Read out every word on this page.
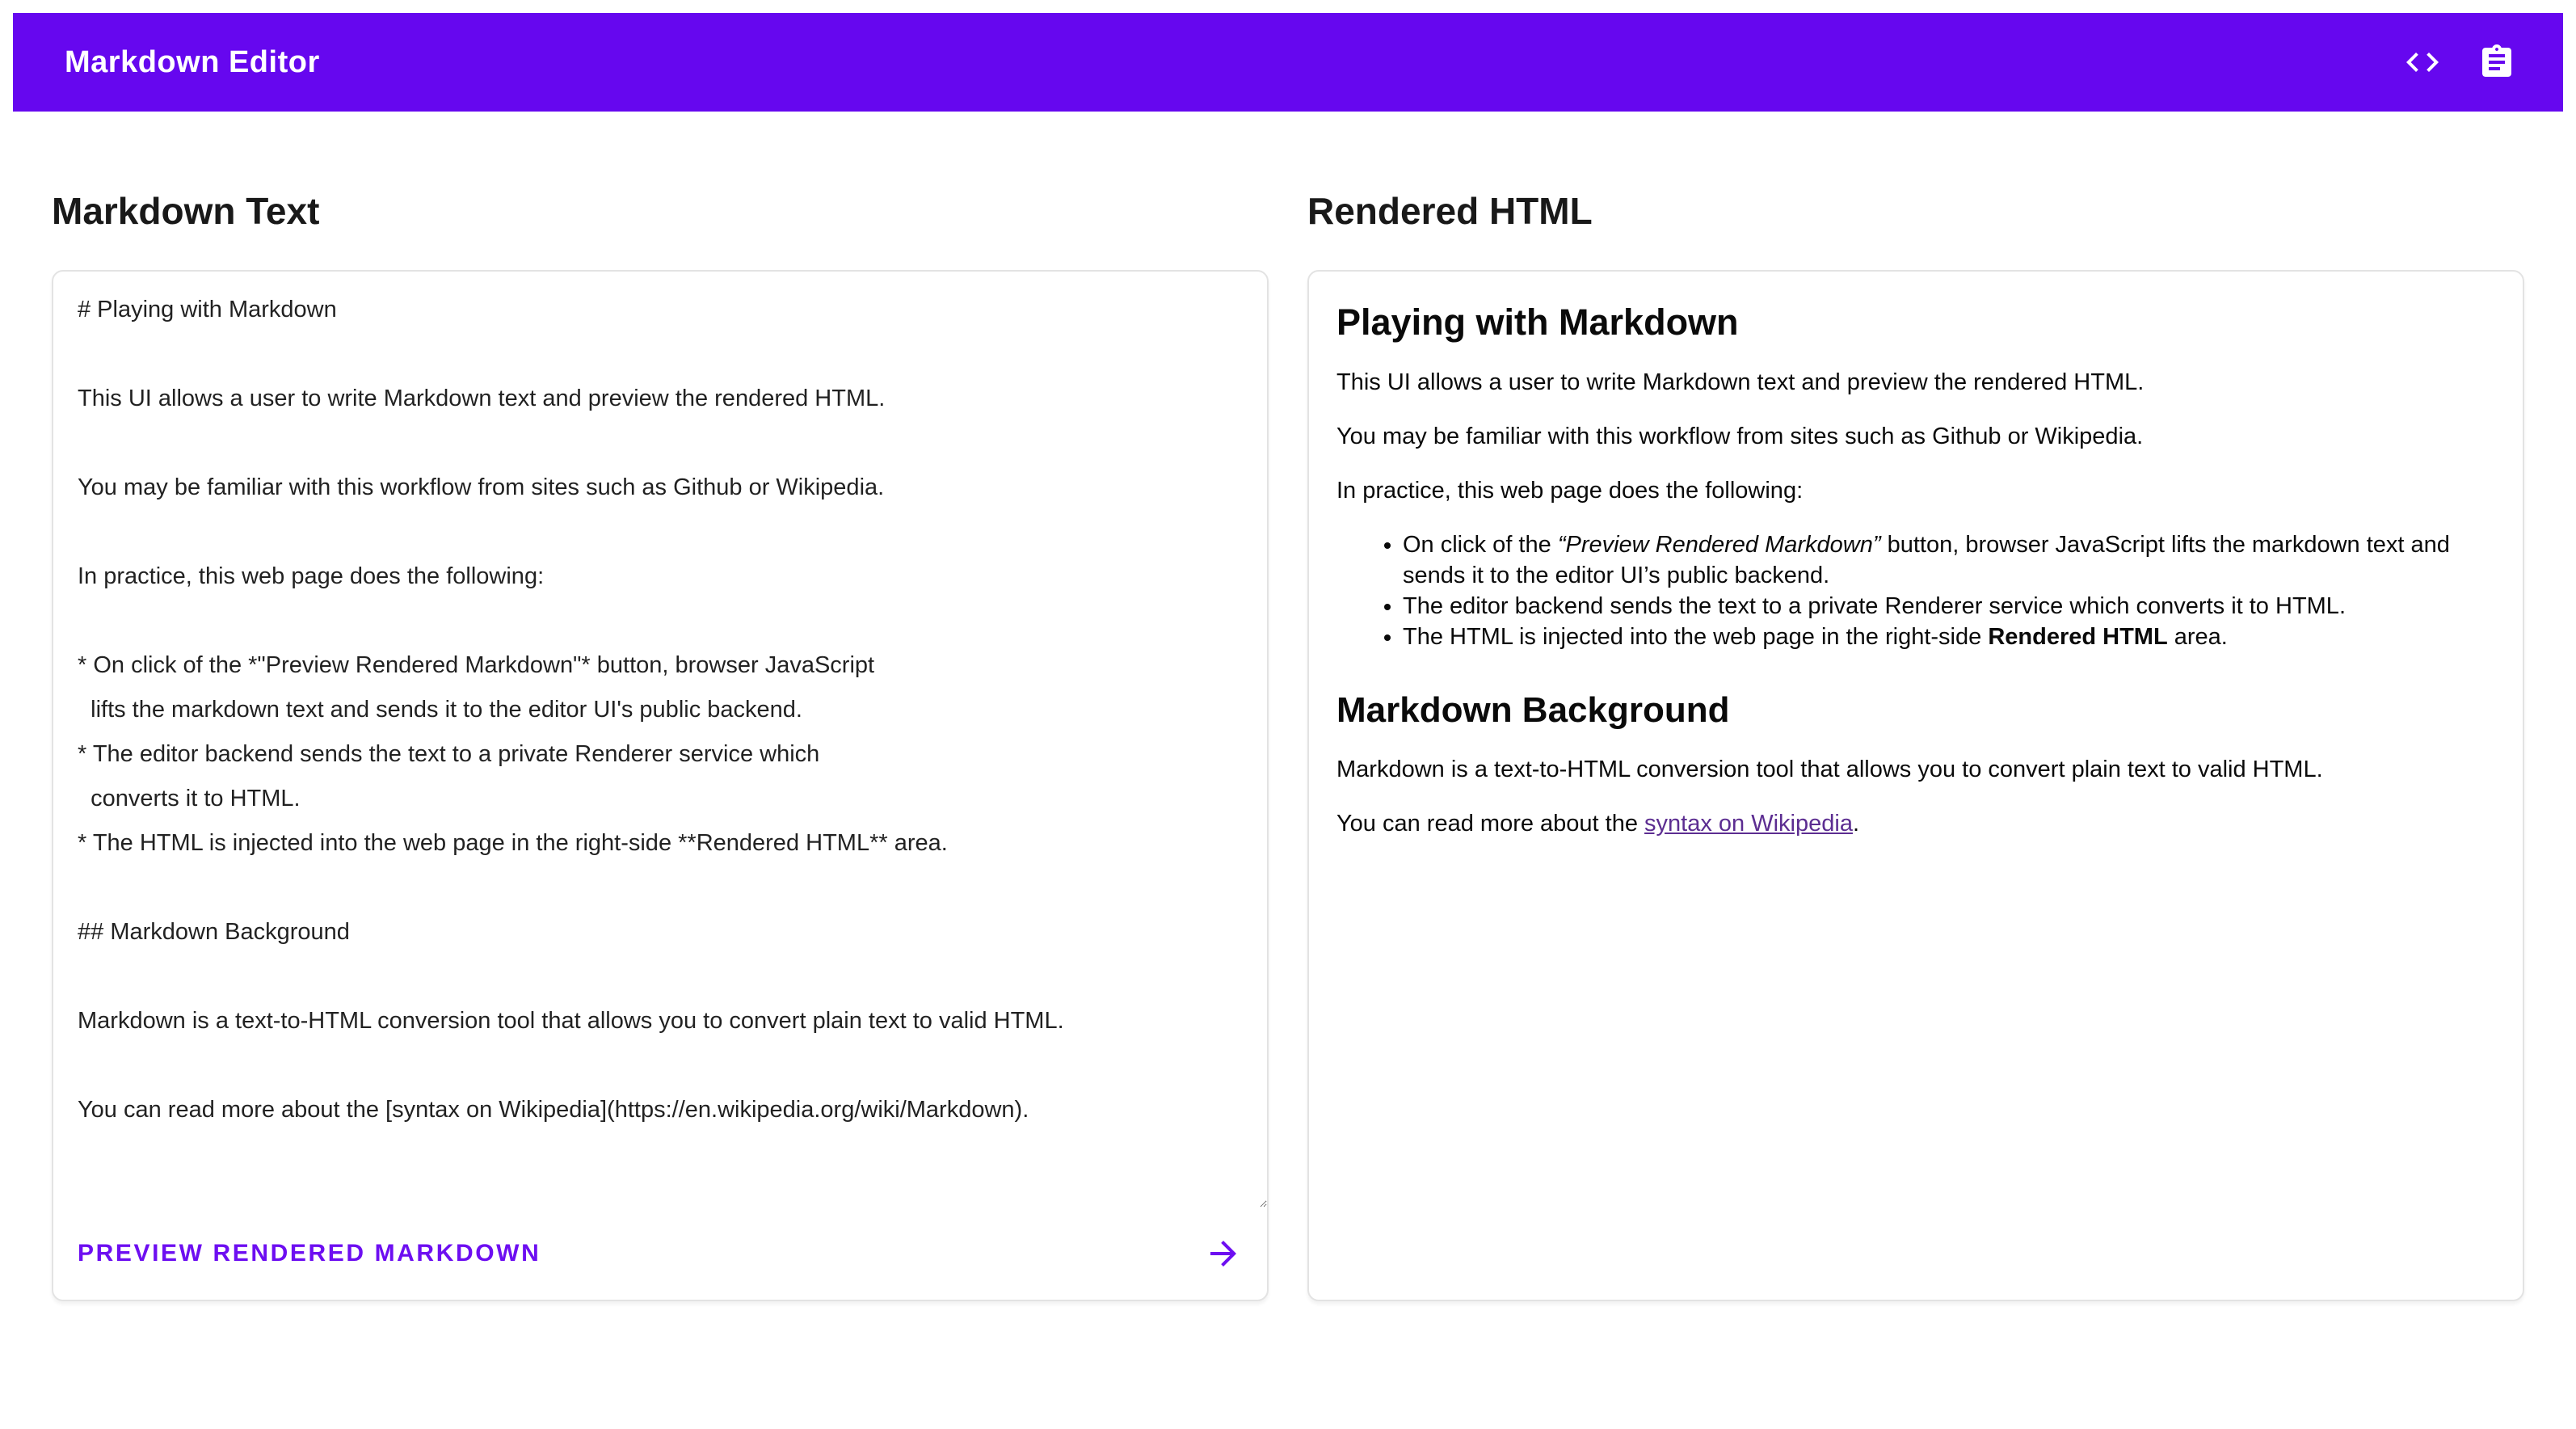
Markdown Editor
Markdown Text	Rendered HTML
# Playing with Markdown This UI allows a user to write Markdown text and preview the rendered HTML. You may be familiar with this workflow from sites such as Github or Wikipedia. In practice, this web page does the following: * On click of the *"Preview Rendered Markdown"* button, browser JavaScript lifts the markdown text and sends it to the editor UI's public backend. * The editor backend sends the text to a private Renderer service which converts it to HTML. * The HTML is injected into the web page in the right-side **Rendered HTML** area. ## Markdown Background Markdown is a text-to-HTML conversion tool that allows you to convert plain text to valid HTML. You can read more about the [syntax on Wikipedia](https://en.wikipedia.org/wiki/Markdown).
PREVIEW RENDERED MARKDOWN
Playing with Markdown

This UI allows a user to write Markdown text and preview the rendered HTML.

You may be familiar with this workflow from sites such as Github or Wikipedia.

In practice, this web page does the following:

• On click of the “Preview Rendered Markdown” button, browser JavaScript lifts the markdown text and sends it to the editor UI’s public backend.
• The editor backend sends the text to a private Renderer service which converts it to HTML.
• The HTML is injected into the web page in the right-side Rendered HTML area.
Markdown Background

Markdown is a text-to-HTML conversion tool that allows you to convert plain text to valid HTML.

You can read more about the syntax on Wikipedia.
